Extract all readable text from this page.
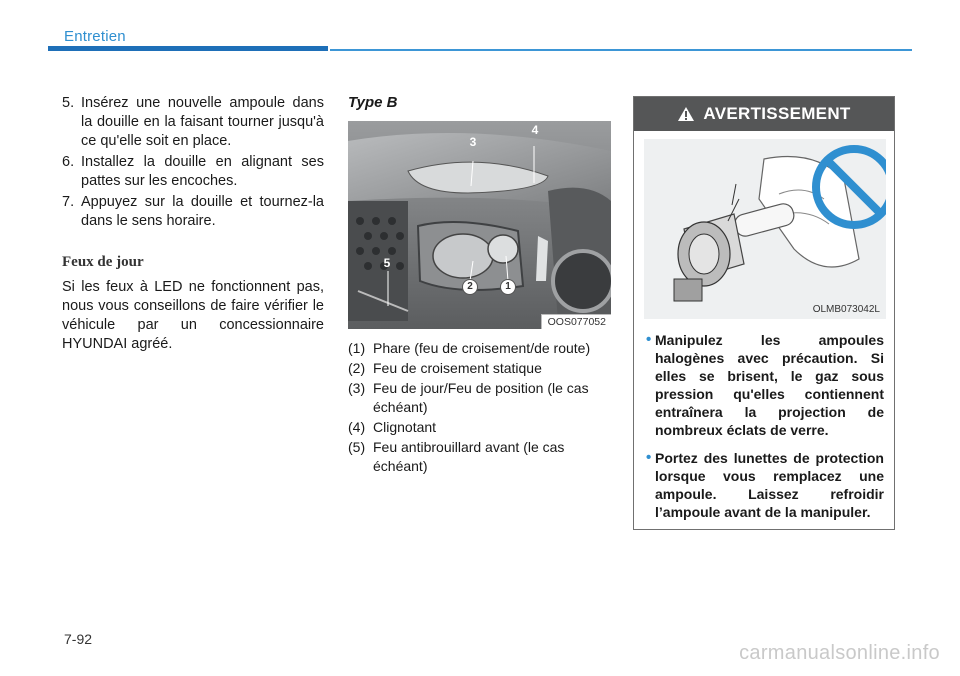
Entretien
5. Insérez une nouvelle ampoule dans la douille en la faisant tourner jusqu'à ce qu'elle soit en place.
6. Installez la douille en alignant ses pattes sur les encoches.
7. Appuyez sur la douille et tournez-la dans le sens horaire.
Feux de jour
Si les feux à LED ne fonctionnent pas, nous vous conseillons de faire vérifier le véhicule par un concessionnaire HYUNDAI agréé.
Type B
1
2
3
4
5
OOS077052
(1) Phare (feu de croisement/de route)
(2) Feu de croisement statique
(3) Feu de jour/Feu de position (le cas échéant)
(4) Clignotant
(5) Feu antibrouillard avant (le cas échéant)
AVERTISSEMENT
OLMB073042L
• Manipulez les ampoules halogènes avec précaution. Si elles se brisent, le gaz sous pression qu'elles contiennent entraînera la projection de nombreux éclats de verre.
• Portez des lunettes de protection lorsque vous remplacez une ampoule. Laissez refroidir l’ampoule avant de la manipuler.
7-92
carmanualsonline.info
